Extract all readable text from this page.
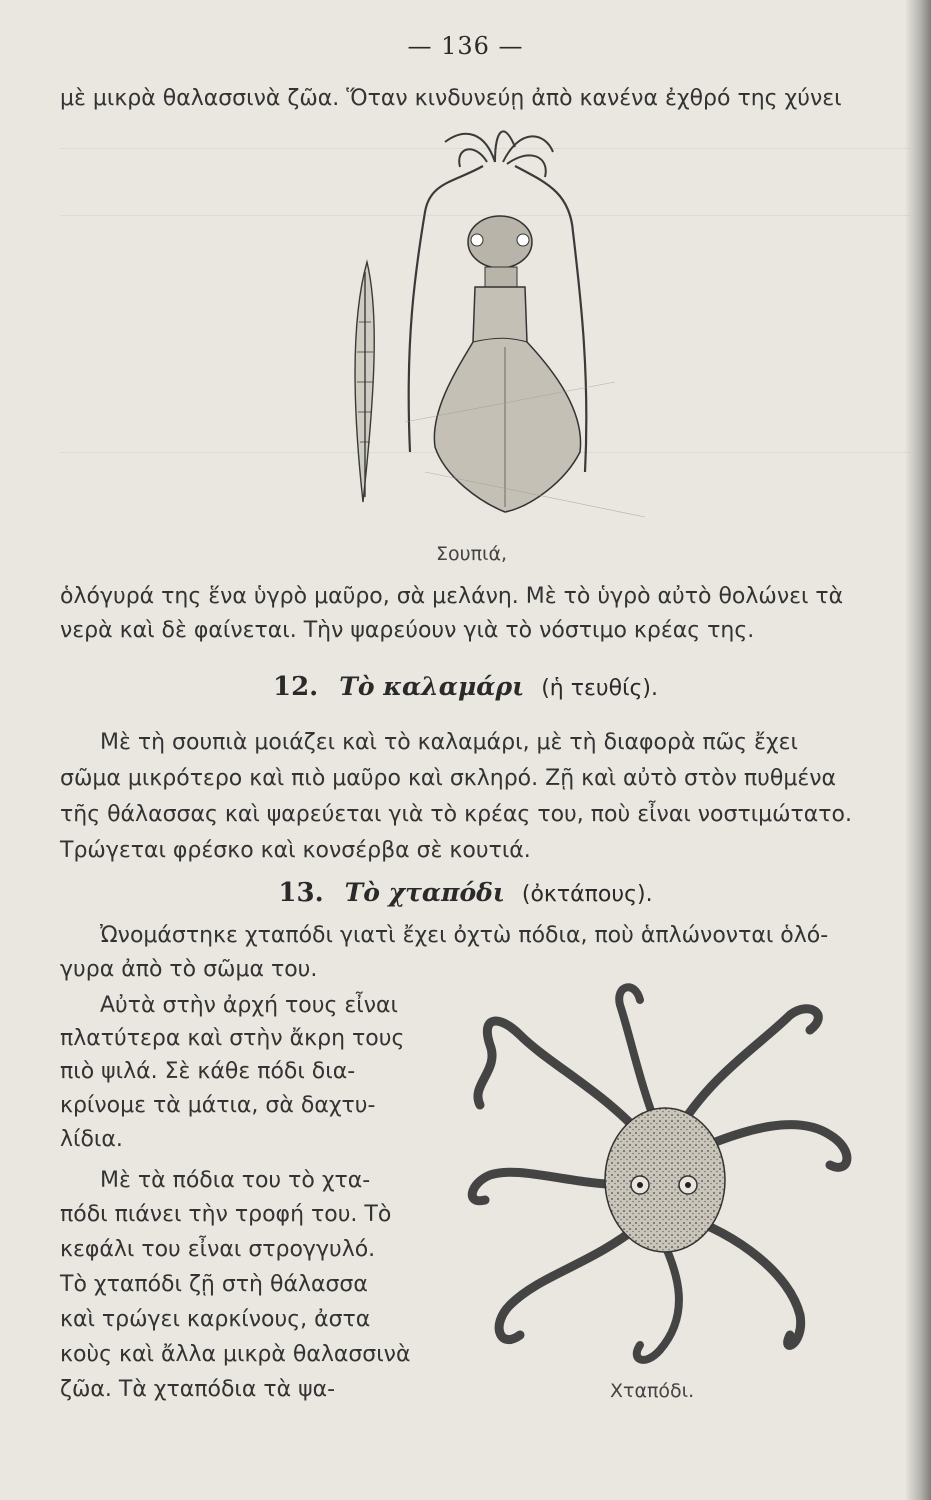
— 136 —
μὲ μικρὰ θαλασσινὰ ζῶα. Ὅταν κινδυνεύῃ ἀπὸ κανένα ἐχθρό της χύνει
Σουπιά,
ὁλόγυρά της ἕνα ὑγρὸ μαῦρο, σὰ μελάνη. Μὲ τὸ ὑγρὸ αὐτὸ θολώνει τὰ
νερὰ καὶ δὲ φαίνεται. Τὴν ψαρεύουν γιὰ τὸ νόστιμο κρέας της.
12. Τὸ καλαμάρι (ἡ τευθίς).
Μὲ τὴ σουπιὰ μοιάζει καὶ τὸ καλαμάρι, μὲ τὴ διαφορὰ πῶς ἔχει
σῶμα μικρότερο καὶ πιὸ μαῦρο καὶ σκληρό. Ζῇ καὶ αὐτὸ στὸν πυθμένα
τῆς θάλασσας καὶ ψαρεύεται γιὰ τὸ κρέας του, ποὺ εἶναι νοστιμώτατο.
Τρώγεται φρέσκο καὶ κονσέρβα σὲ κουτιά.
13. Τὸ χταπόδι (ὀκτάπους).
Ὠνομάστηκε χταπόδι γιατὶ ἔχει ὀχτὼ πόδια, ποὺ ἁπλώνονται ὁλό-
γυρα ἀπὸ τὸ σῶμα του.
Αὐτὰ στὴν ἀρχή τους εἶναι
πλατύτερα καὶ στὴν ἄκρη τους
πιὸ ψιλά. Σὲ κάθε πόδι δια-
κρίνομε τὰ μάτια, σὰ δαχτυ-
λίδια.
Μὲ τὰ πόδια του τὸ χτα-
πόδι πιάνει τὴν τροφή του. Τὸ
κεφάλι του εἶναι στρογγυλό.
Τὸ χταπόδι ζῇ στὴ θάλασσα
καὶ τρώγει καρκίνους, ἀστα
κοὺς καὶ ἄλλα μικρὰ θαλασσινὰ
ζῶα. Τὰ χταπόδια τὰ ψα-	Χταπόδι.
